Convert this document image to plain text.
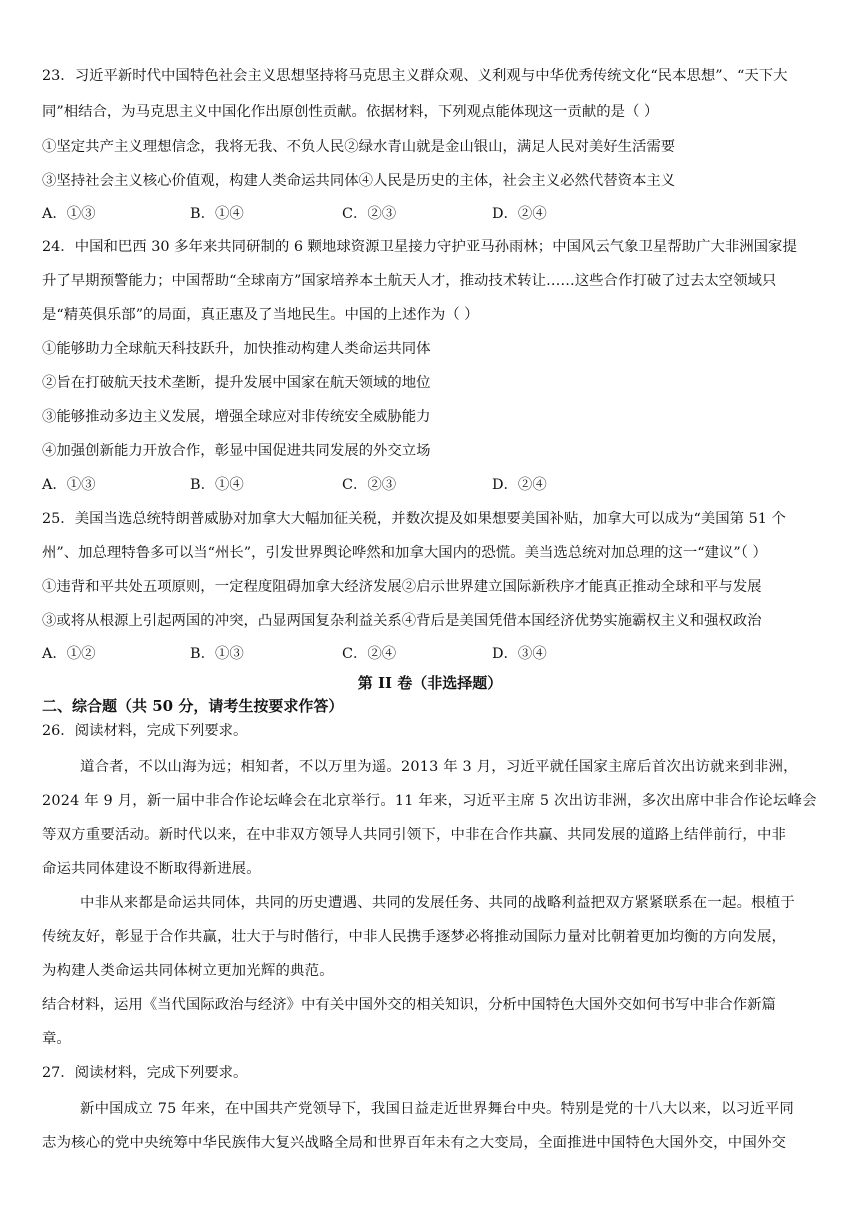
23．习近平新时代中国特色社会主义思想坚持将马克思主义群众观、义利观与中华优秀传统文化“民本思想”、“天下大
同”相结合，为马克思主义中国化作出原创性贡献。依据材料，下列观点能体现这一贡献的是（ ）
①坚定共产主义理想信念，我将无我、不负人民②绿水青山就是金山银山，满足人民对美好生活需要
③坚持社会主义核心价值观，构建人类命运共同体④人民是历史的主体，社会主义必然代替资本主义
A．①③	B．①④	C．②③	D．②④
24．中国和巴西 30 多年来共同研制的 6 颗地球资源卫星接力守护亚马孙雨林；中国风云气象卫星帮助广大非洲国家提
升了早期预警能力；中国帮助“全球南方”国家培养本土航天人才，推动技术转让……这些合作打破了过去太空领域只
是“精英俱乐部”的局面，真正惠及了当地民生。中国的上述作为（ ）
①能够助力全球航天科技跃升，加快推动构建人类命运共同体
②旨在打破航天技术垄断，提升发展中国家在航天领域的地位
③能够推动多边主义发展，增强全球应对非传统安全威胁能力
④加强创新能力开放合作，彰显中国促进共同发展的外交立场
A．①③	B．①④	C．②③	D．②④
25．美国当选总统特朗普威胁对加拿大大幅加征关税，并数次提及如果想要美国补贴，加拿大可以成为“美国第 51 个
州”、加总理特鲁多可以当“州长”，引发世界舆论哗然和加拿大国内的恐慌。美当选总统对加总理的这一“建议”（ ）
①违背和平共处五项原则，一定程度阻碍加拿大经济发展②启示世界建立国际新秩序才能真正推动全球和平与发展
③或将从根源上引起两国的冲突，凸显两国复杂利益关系④背后是美国凭借本国经济优势实施霸权主义和强权政治
A．①②	B．①③	C．②④	D．③④
第 II 卷（非选择题）
二、综合题（共 50 分，请考生按要求作答）
26．阅读材料，完成下列要求。
道合者，不以山海为远；相知者，不以万里为遥。2013 年 3 月，习近平就任国家主席后首次出访就来到非洲，
2024 年 9 月，新一届中非合作论坛峰会在北京举行。11 年来，习近平主席 5 次出访非洲，多次出席中非合作论坛峰会
等双方重要活动。新时代以来，在中非双方领导人共同引领下，中非在合作共赢、共同发展的道路上结伴前行，中非
命运共同体建设不断取得新进展。
中非从来都是命运共同体，共同的历史遭遇、共同的发展任务、共同的战略利益把双方紧紧联系在一起。根植于
传统友好，彰显于合作共赢，壮大于与时偕行，中非人民携手逐梦必将推动国际力量对比朝着更加均衡的方向发展，
为构建人类命运共同体树立更加光辉的典范。
结合材料，运用《当代国际政治与经济》中有关中国外交的相关知识，分析中国特色大国外交如何书写中非合作新篇
章。
27．阅读材料，完成下列要求。
新中国成立 75 年来，在中国共产党领导下，我国日益走近世界舞台中央。特别是党的十八大以来，以习近平同
志为核心的党中央统筹中华民族伟大复兴战略全局和世界百年未有之大变局，全面推进中国特色大国外交，中国外交
